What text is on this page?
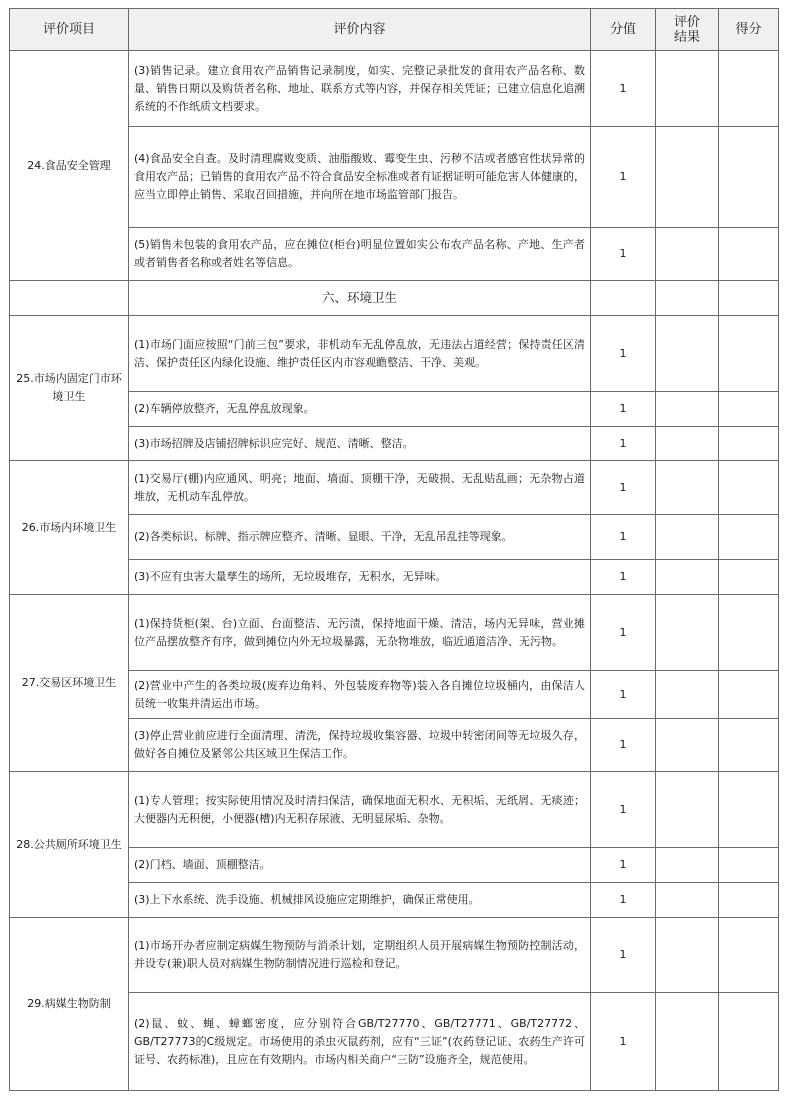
评价项目	评价内容	分值	评价结果	得分
24.食品安全管理	(3)销售记录。建立食用农产品销售记录制度，如实、完整记录批发的食用农产品名称、数量、销售日期以及购货者名称、地址、联系方式等内容，并保存相关凭证；已建立信息化追溯系统的不作纸质文档要求。	1		
	(4)食品安全自查。及时清理腐败变质、油脂酸败、霉变生虫、污秽不洁或者感官性状异常的食用农产品；已销售的食用农产品不符合食品安全标准或者有证据证明可能危害人体健康的，应当立即停止销售、采取召回措施，并向所在地市场监管部门报告。	1		
	(5)销售未包装的食用农产品，应在摊位(柜台)明显位置如实公布农产品名称、产地、生产者或者销售者名称或者姓名等信息。	1		
	六、环境卫生			
25.市场内固定门市环境卫生	(1)市场门面应按照“门前三包”要求，非机动车无乱停乱放，无违法占道经营；保持责任区清洁、保护责任区内绿化设施、维护责任区内市容观瞻整洁、干净、美观。	1		
	(2)车辆停放整齐，无乱停乱放现象。	1		
	(3)市场招牌及店铺招牌标识应完好、规范、清晰、整洁。	1		
26.市场内环境卫生	(1)交易厅(棚)内应通风、明亮；地面、墙面、顶棚干净，无破损、无乱贴乱画；无杂物占道堆放，无机动车乱停放。	1		
	(2)各类标识、标牌、指示牌应整齐、清晰、显眼、干净，无乱吊乱挂等现象。	1		
	(3)不应有虫害大量孳生的场所，无垃圾堆存，无积水，无异味。	1		
27.交易区环境卫生	(1)保持货柜(架、台)立面、台面整洁、无污渍，保持地面干燥、清洁，场内无异味，营业摊位产品摆放整齐有序，做到摊位内外无垃圾暴露，无杂物堆放，临近通道洁净、无污物。	1		
	(2)营业中产生的各类垃圾(废弃边角料、外包装废弃物等)装入各自摊位垃圾桶内，由保洁人员统一收集并清运出市场。	1		
	(3)停止营业前应进行全面清理、清洗，保持垃圾收集容器、垃圾中转密闭间等无垃圾久存，做好各自摊位及紧邻公共区域卫生保洁工作。	1		
28.公共厕所环境卫生	(1)专人管理；按实际使用情况及时清扫保洁，确保地面无积水、无积垢、无纸屑、无痰迹；大便器内无积便，小便器(槽)内无积存尿液、无明显尿垢、杂物。	1		
	(2)门档、墙面、顶棚整洁。	1		
	(3)上下水系统、洗手设施、机械排风设施应定期维护，确保正常使用。	1		
29.病媒生物防制	(1)市场开办者应制定病媒生物预防与消杀计划，定期组织人员开展病媒生物预防控制活动，并设专(兼)职人员对病媒生物防制情况进行巡检和登记。	1		
	(2)鼠、蚊、蝇、蟑螂密度，应分别符合GB/T27770、GB/T27771、GB/T27772、GB/T27773的C级规定。市场使用的杀虫灭鼠药剂，应有“三证”(农药登记证、农药生产许可证号、农药标准)，且应在有效期内。市场内相关商户“三防”设施齐全，规范使用。	1		
